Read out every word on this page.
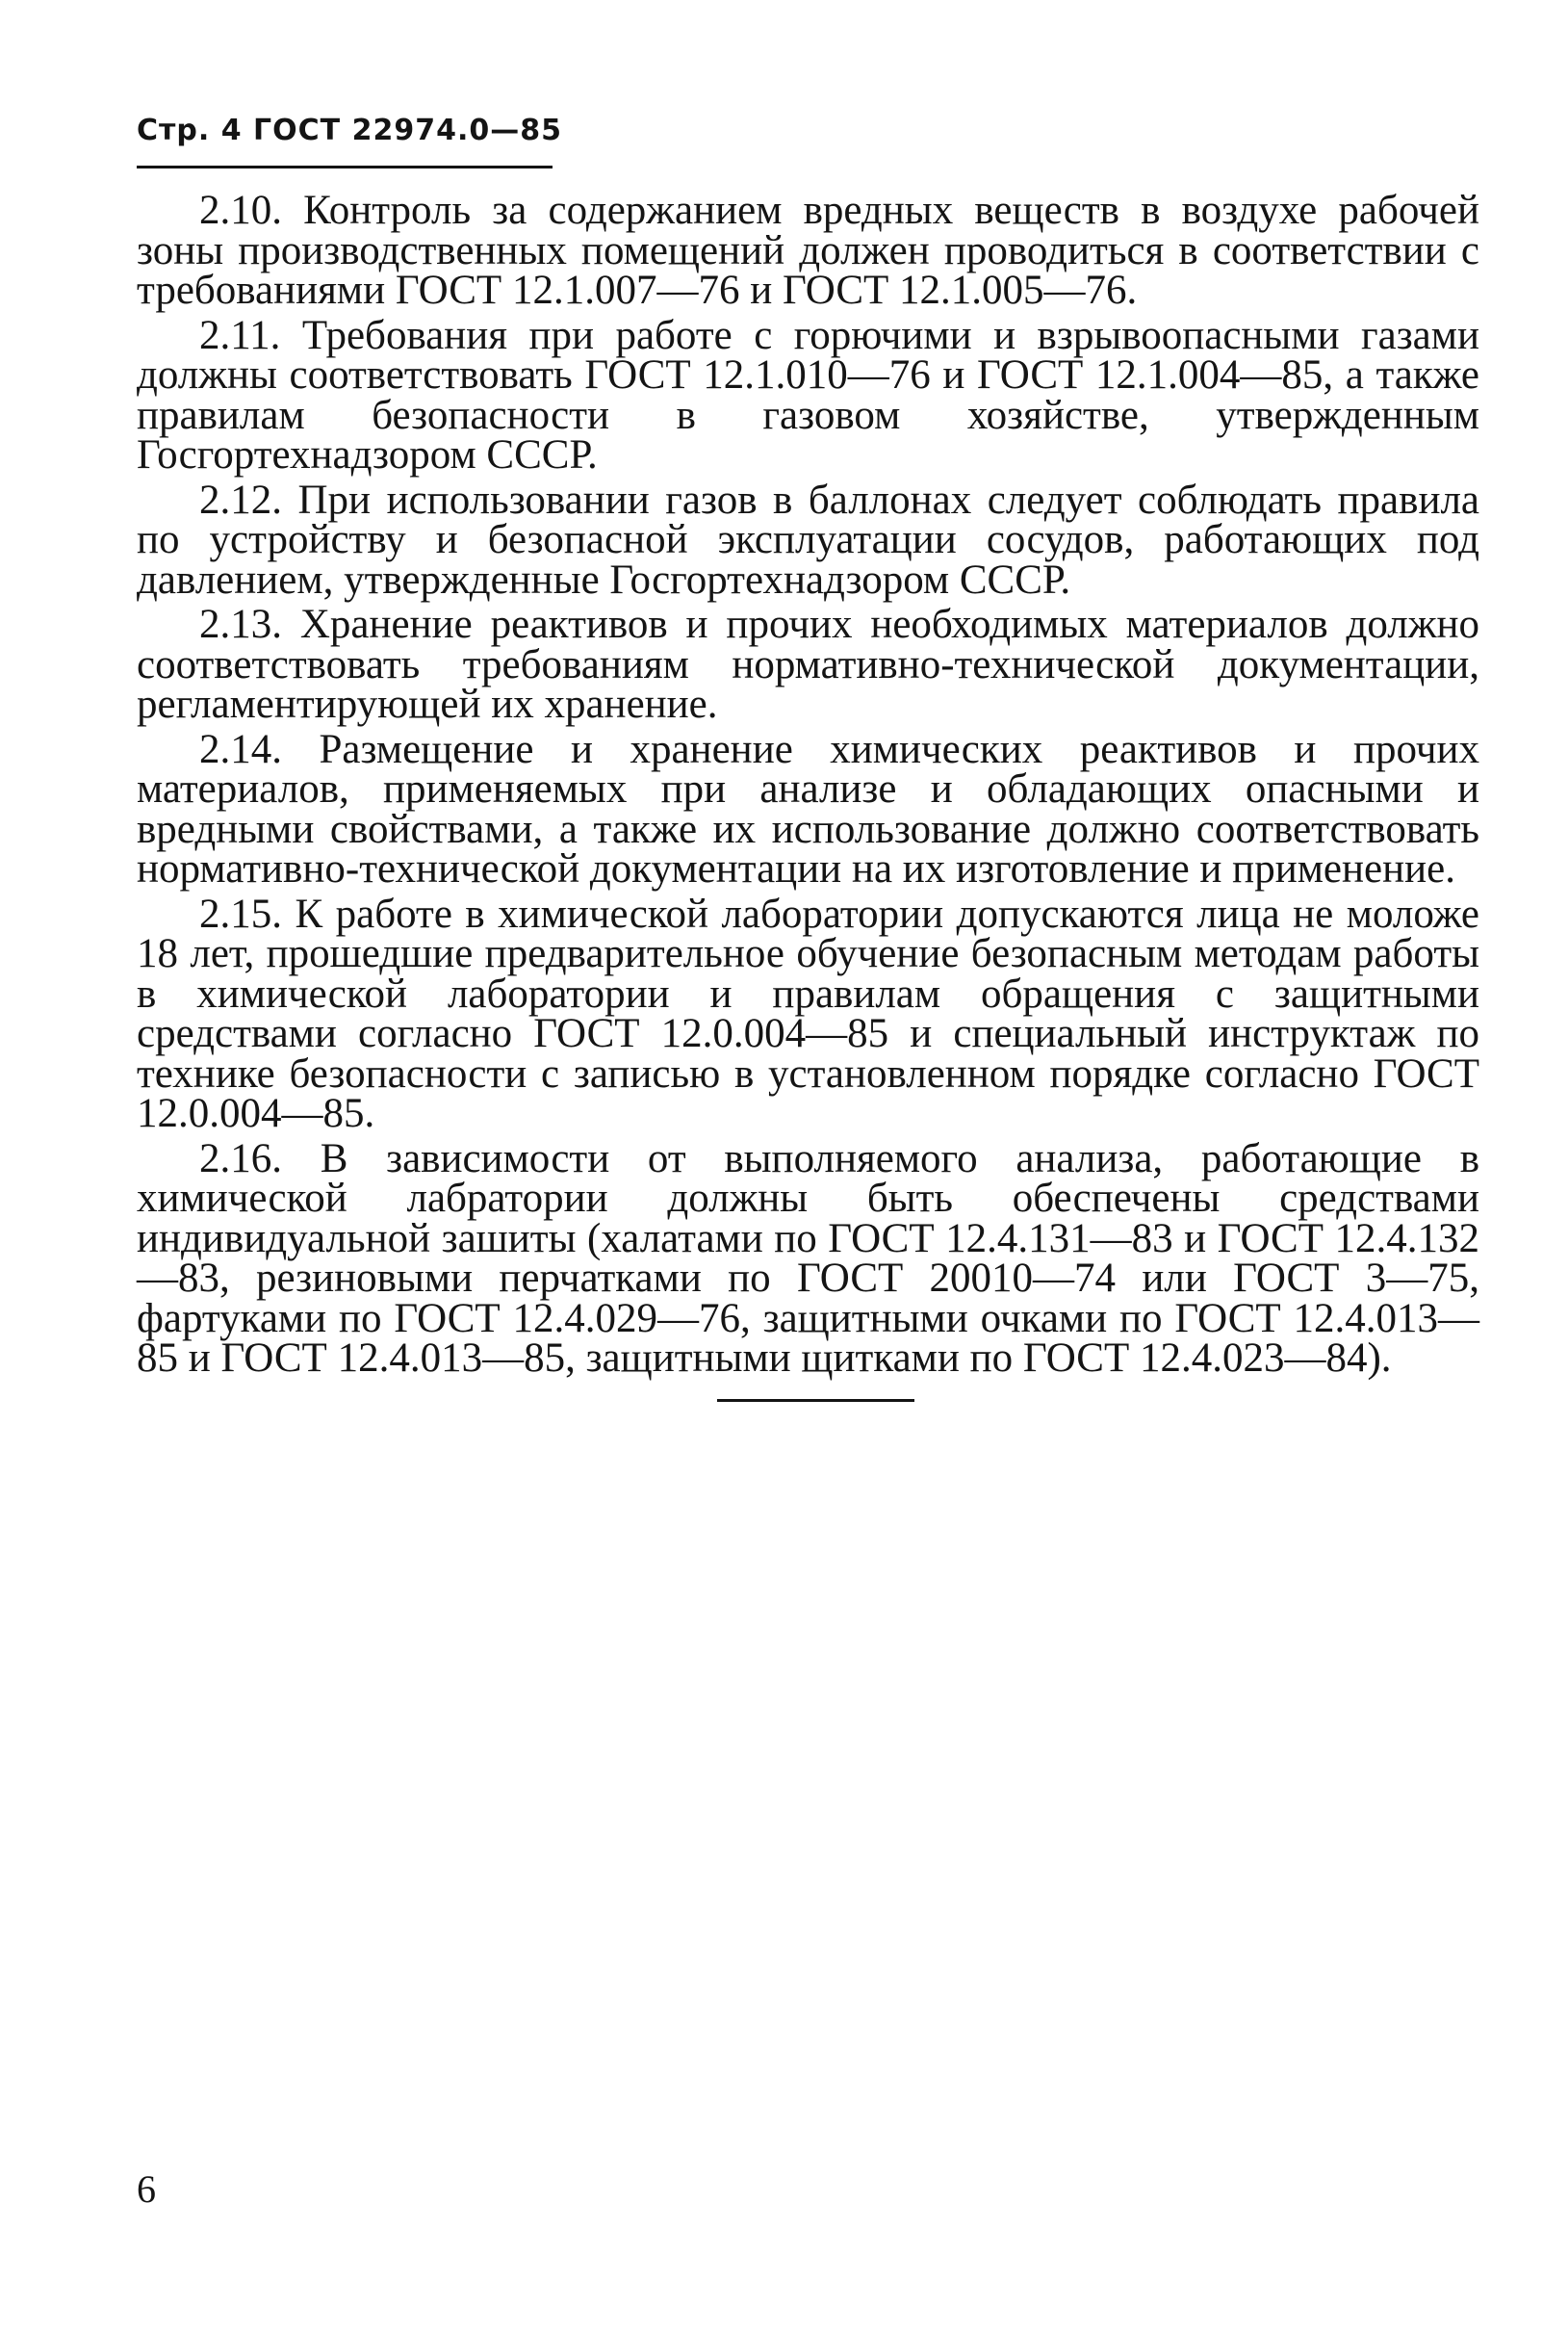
Стр. 4 ГОСТ 22974.0—85

2.10. Контроль за содержанием вредных веществ в воздухе рабочей зоны производственных помещений должен проводиться в соответствии с требованиями ГОСТ 12.1.007—76 и ГОСТ 12.1.005—76.

2.11. Требования при работе с горючими и взрывоопасными газами должны соответствовать ГОСТ 12.1.010—76 и ГОСТ 12.1.004—85, а также правилам безопасности в газовом хозяйстве, утвержденным Госгортехнадзором СССР.

2.12. При использовании газов в баллонах следует соблюдать правила по устройству и безопасной эксплуатации сосудов, работающих под давлением, утвержденные Госгортехнадзором СССР.

2.13. Хранение реактивов и прочих необходимых материалов должно соответствовать требованиям нормативно-технической документации, регламентирующей их хранение.

2.14. Размещение и хранение химических реактивов и прочих материалов, применяемых при анализе и обладающих опасными и вредными свойствами, а также их использование должно соответствовать нормативно-технической документации на их изготовление и применение.

2.15. К работе в химической лаборатории допускаются лица не моложе 18 лет, прошедшие предварительное обучение безопасным методам работы в химической лаборатории и правилам обращения с защитными средствами согласно ГОСТ 12.0.004—85 и специальный инструктаж по технике безопасности с записью в установленном порядке согласно ГОСТ 12.0.004—85.

2.16. В зависимости от выполняемого анализа, работающие в химической лабратории должны быть обеспечены средствами индивидуальной зашиты (халатами по ГОСТ 12.4.131—83 и ГОСТ 12.4.132—83, резиновыми перчатками по ГОСТ 20010—74 или ГОСТ 3—75, фартуками по ГОСТ 12.4.029—76, защитными очками по ГОСТ 12.4.013—85 и ГОСТ 12.4.013—85, защитными щитками по ГОСТ 12.4.023—84).

6
